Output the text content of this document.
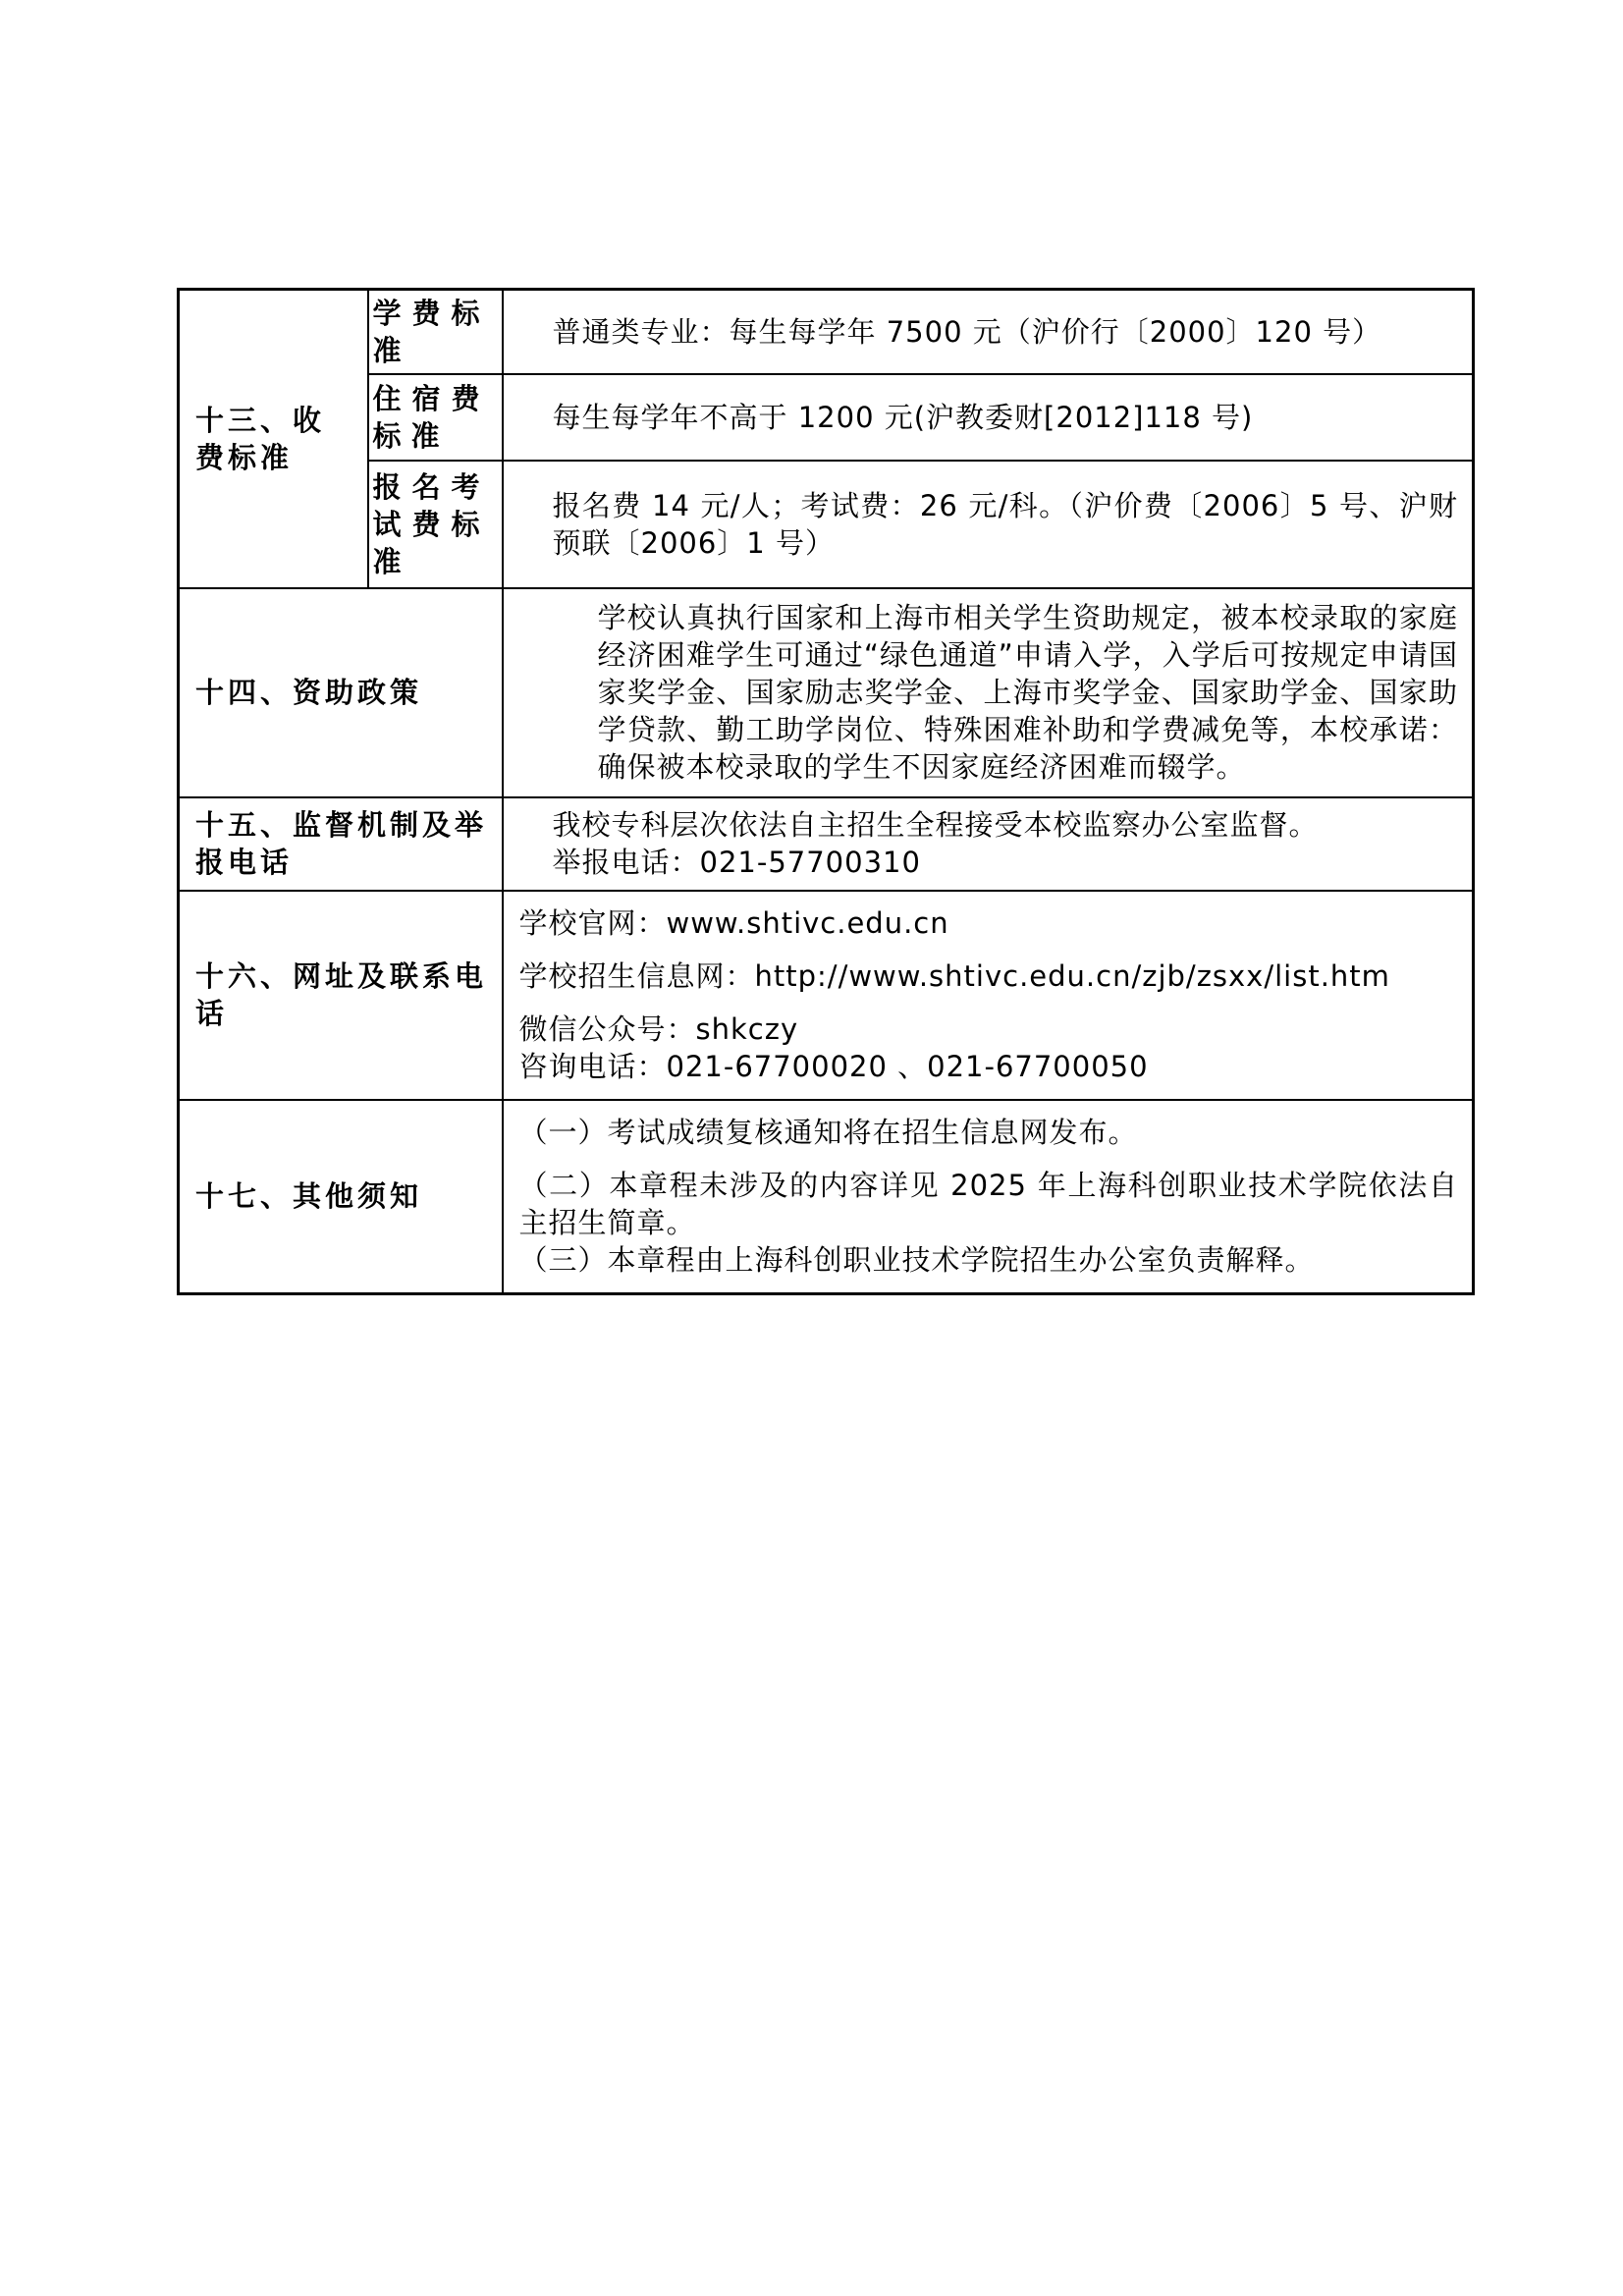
十三、收费标准	学费标准	普通类专业：每生每学年 7500 元（沪价行〔2000〕120 号）

	住宿费标准	每生每学年不高于 1200 元(沪教委财[2012]118 号)

	报名考试费标准	报名费 14 元/人；考试费：26 元/科。（沪价费〔2006〕5 号、沪财预联〔2006〕1 号）

十四、资助政策		学校认真执行国家和上海市相关学生资助规定，被本校录取的家庭经济困难学生可通过“绿色通道”申请入学，入学后可按规定申请国家奖学金、国家励志奖学金、上海市奖学金、国家助学金、国家助学贷款、勤工助学岗位、特殊困难补助和学费减免等，本校承诺：确保被本校录取的学生不因家庭经济困难而辍学。

十五、监督机制及举报电话		我校专科层次依法自主招生全程接受本校监察办公室监督。
举报电话：021-57700310

十六、网址及联系电话		学校官网：www.shtivc.edu.cn
学校招生信息网：http://www.shtivc.edu.cn/zjb/zsxx/list.htm
微信公众号：shkczy
咨询电话：021-67700020 、021-67700050

十七、其他须知		（一）考试成绩复核通知将在招生信息网发布。
（二）本章程未涉及的内容详见 2025 年上海科创职业技术学院依法自主招生简章。
（三）本章程由上海科创职业技术学院招生办公室负责解释。
